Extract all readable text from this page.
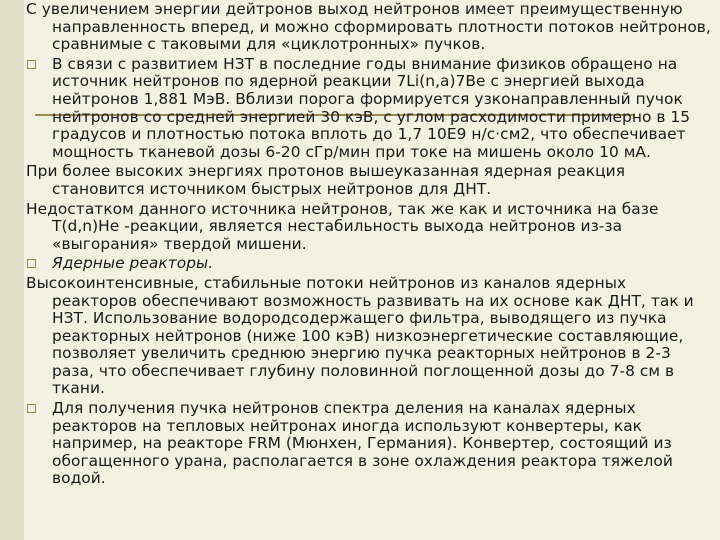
С увеличением энергии дейтронов выход нейтронов имеет преимущественную направленность вперед, и можно сформировать плотности потоков нейтронов, сравнимые с таковыми для «циклотронных» пучков.

В связи с развитием НЗТ в последние годы внимание физиков обращено на источник нейтронов по ядерной реакции 7Li(n,a)7Be с энергией выхода нейтронов 1,881 МэВ. Вблизи порога формируется узконаправленный пучок нейтронов со средней энергией 30 кэВ, с углом расходимости примерно в 15 градусов и плотностью потока вплоть до 1,7 10Е9 н/с·см2, что обеспечивает мощность тканевой дозы 6-20 сГр/мин при токе на мишень около 10 мА.

При более высоких энергиях протонов вышеуказанная ядерная реакция становится источником быстрых нейтронов для ДНТ.

Недостатком данного источника нейтронов, так же как и источника на базе T(d,n)He -реакции, является нестабильность выхода нейтронов из-за «выгорания» твердой мишени.

Ядерные реакторы.

Высокоинтенсивные, стабильные потоки нейтронов из каналов ядерных реакторов обеспечивают возможность развивать на их основе как ДНТ, так и НЗТ. Использование водородсодержащего фильтра, выводящего из пучка реакторных нейтронов (ниже 100 кэВ) низкоэнергетические составляющие, позволяет увеличить среднюю энергию пучка реакторных нейтронов в 2-3 раза, что обеспечивает глубину половинной поглощенной дозы до 7-8 см в ткани.

Для получения пучка нейтронов спектра деления на каналах ядерных реакторов на тепловых нейтронах иногда используют конвертеры, как например, на реакторе FRM (Мюнхен, Германия). Конвертер, состоящий из обогащенного урана, располагается в зоне охлаждения реактора тяжелой водой.
